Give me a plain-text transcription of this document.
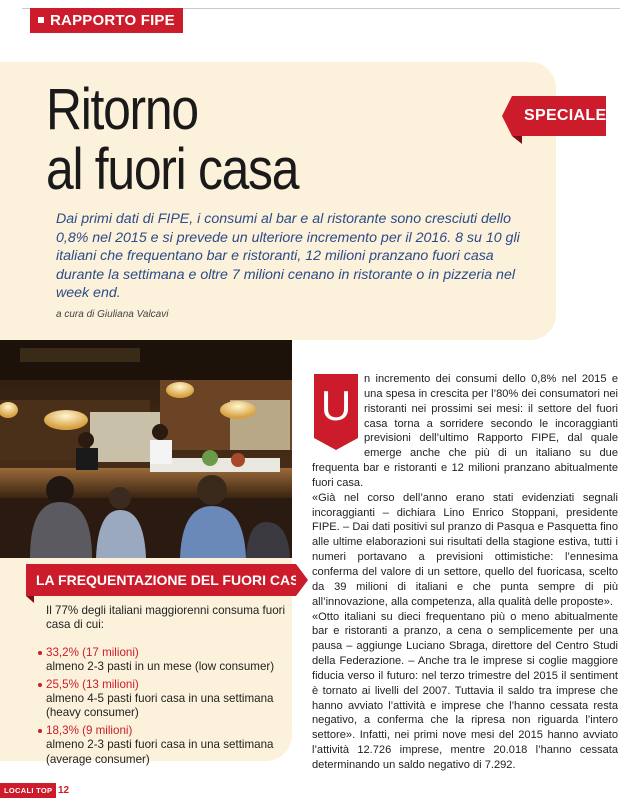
RAPPORTO FIPE
Ritorno
al fuori casa
SPECIALE

Dai primi dati di FIPE, i consumi al bar e al ristorante sono cresciuti dello 0,8% nel 2015 e si prevede un ulteriore incremento per il 2016. 8 su 10 gli italiani che frequentano bar e ristoranti, 12 milioni pranzano fuori casa durante la settimana e oltre 7 milioni cenano in ristorante o in pizzeria nel week end.

a cura di Giuliana Valcavi

LA FREQUENTAZIONE DEL FUORI CASA

Il 77% degli italiani maggiorenni consuma fuori casa di cui:

33,2% (17 milioni)
almeno 2-3 pasti in un mese (low consumer)
25,5% (13 milioni)
almeno 4-5 pasti fuori casa in una settimana (heavy consumer)
18,3% (9 milioni)
almeno 2-3 pasti fuori casa in una settimana (average consumer)
U

n incremento dei consumi dello 0,8% nel 2015 e una spesa in crescita per l’80% dei consumatori nei ristoranti nei prossimi sei mesi: il settore del fuori casa torna a sorridere secondo le incoraggianti previsioni dell’ultimo Rapporto FIPE, dal quale emerge anche che più di un italiano su due frequenta bar e ristoranti e 12 milioni pranzano abitualmente fuori casa.

«Già nel corso dell’anno erano stati evidenziati segnali incoraggianti – dichiara Lino Enrico Stoppani, presidente FIPE. – Dai dati positivi sul pranzo di Pasqua e Pasquetta fino alle ultime elaborazioni sui risultati della stagione estiva, tutti i numeri portavano a previsioni ottimistiche: l’ennesima conferma del valore di un settore, quello del fuoricasa, scelto da 39 milioni di italiani e che punta sempre di più all’innovazione, alla competenza, alla qualità delle proposte».

«Otto italiani su dieci frequentano più o meno abitualmente bar e ristoranti a pranzo, a cena o semplicemente per una pausa – aggiunge Luciano Sbraga, direttore del Centro Studi della Federazione. – Anche tra le imprese si coglie maggiore fiducia verso il futuro: nel terzo trimestre del 2015 il sentiment è tornato ai livelli del 2007. Tuttavia il saldo tra imprese che hanno avviato l’attività e imprese che l’hanno cessata resta negativo, a conferma che la ripresa non riguarda l’intero settore». Infatti, nei primi nove mesi del 2015 hanno avviato l’attività 12.726 imprese, mentre 20.018 l’hanno cessata determinando un saldo negativo di 7.292.

LOCALI TOP 12
